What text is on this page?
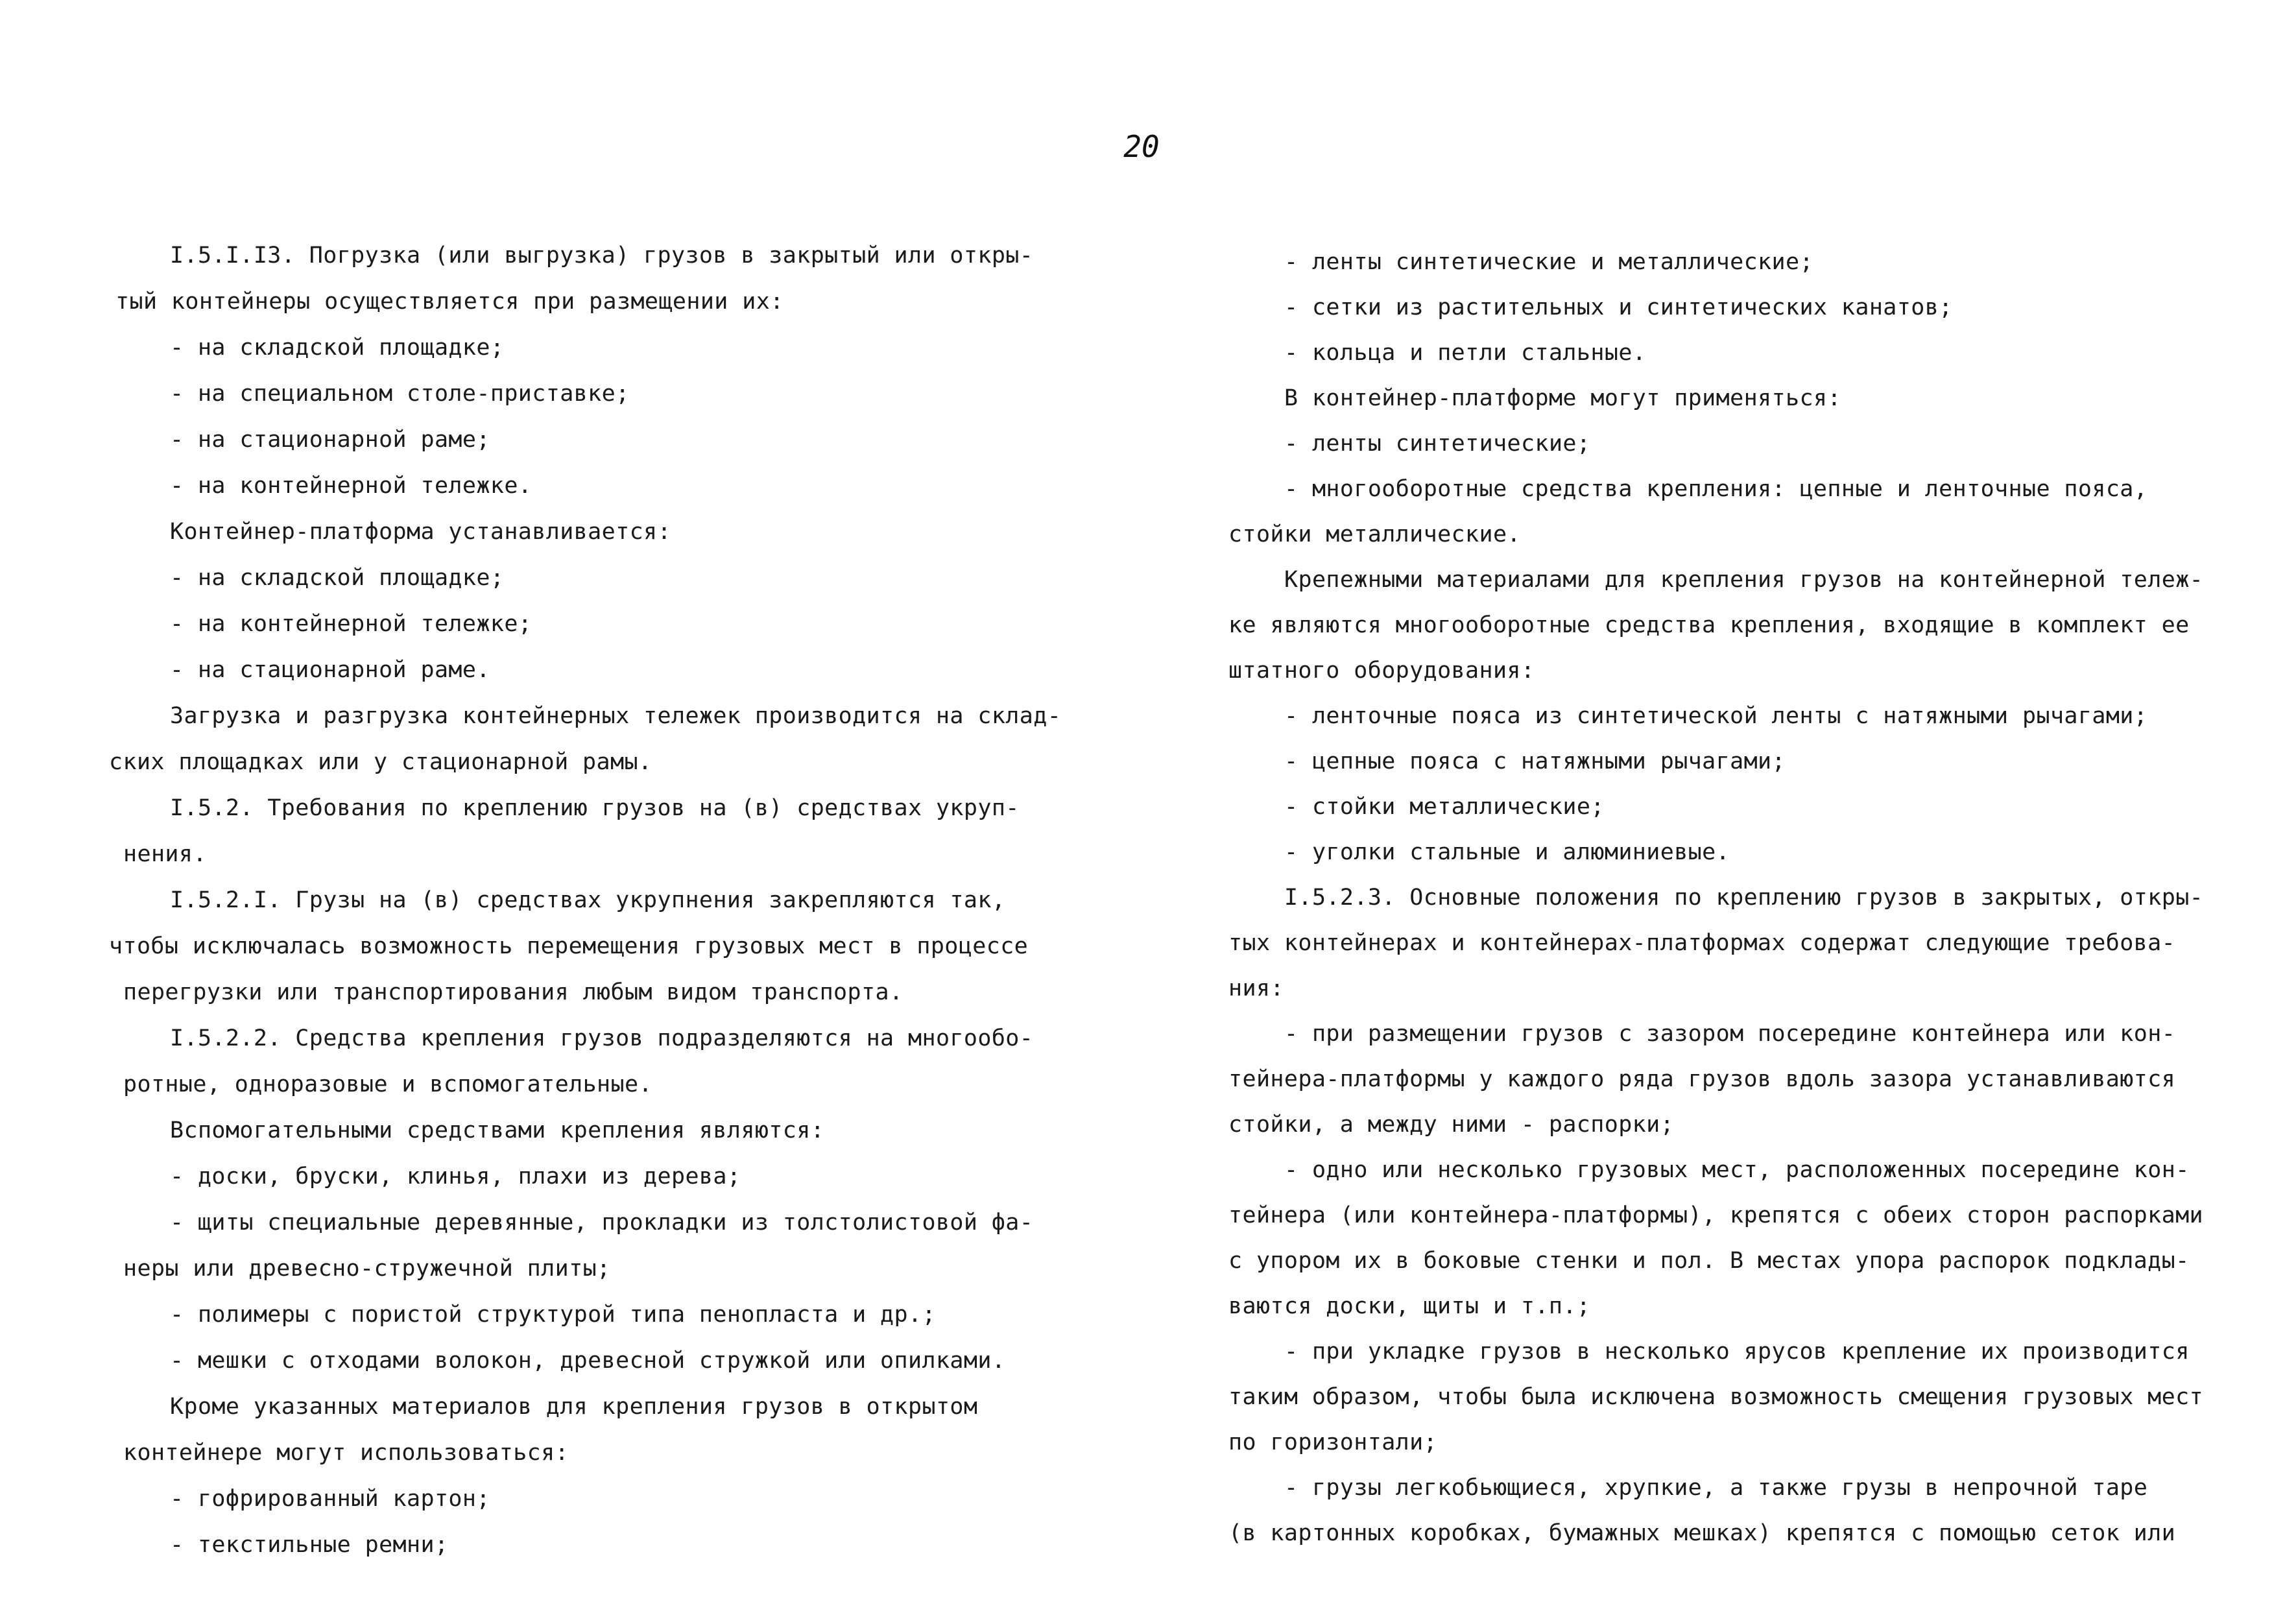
20
I.5.I.I3. Погрузка (или выгрузка) грузов в закрытый или откры-
тый контейнеры осуществляется при размещении их:
- на складской площадке;
- на специальном столе-приставке;
- на стационарной раме;
- на контейнерной тележке.
Контейнер-платформа устанавливается:
- на складской площадке;
- на контейнерной тележке;
- на стационарной раме.
Загрузка и разгрузка контейнерных тележек производится на склад-
ских площадках или у стационарной рамы.
I.5.2. Требования по креплению грузов на (в) средствах укруп-
нения.
I.5.2.I. Грузы на (в) средствах укрупнения закрепляются так,
чтобы исключалась возможность перемещения грузовых мест в процессе
перегрузки или транспортирования любым видом транспорта.
I.5.2.2. Средства крепления грузов подразделяются на многообо-
ротные, одноразовые и вспомогательные.
Вспомогательными средствами крепления являются:
- доски, бруски, клинья, плахи из дерева;
- щиты специальные деревянные, прокладки из толстолистовой фа-
неры или древесно-стружечной плиты;
- полимеры с пористой структурой типа пенопласта и др.;
- мешки с отходами волокон, древесной стружкой или опилками.
Кроме указанных материалов для крепления грузов в открытом
контейнере могут использоваться:
- гофрированный картон;
- текстильные ремни;
- ленты синтетические и металлические;
- сетки из растительных и синтетических канатов;
- кольца и петли стальные.
В контейнер-платформе могут применяться:
- ленты синтетические;
- многооборотные средства крепления: цепные и ленточные пояса,
стойки металлические.
Крепежными материалами для крепления грузов на контейнерной тележ-
ке являются многооборотные средства крепления, входящие в комплект ее
штатного оборудования:
- ленточные пояса из синтетической ленты с натяжными рычагами;
- цепные пояса с натяжными рычагами;
- стойки металлические;
- уголки стальные и алюминиевые.
I.5.2.3. Основные положения по креплению грузов в закрытых, откры-
тых контейнерах и контейнерах-платформах содержат следующие требова-
ния:
- при размещении грузов с зазором посередине контейнера или кон-
тейнера-платформы у каждого ряда грузов вдоль зазора устанавливаются
стойки, а между ними - распорки;
- одно или несколько грузовых мест, расположенных посередине кон-
тейнера (или контейнера-платформы), крепятся с обеих сторон распорками
с упором их в боковые стенки и пол. В местах упора распорок подклады-
ваются доски, щиты и т.п.;
- при укладке грузов в несколько ярусов крепление их производится
таким образом, чтобы была исключена возможность смещения грузовых мест
по горизонтали;
- грузы легкобьющиеся, хрупкие, а также грузы в непрочной таре
(в картонных коробках, бумажных мешках) крепятся с помощью сеток или
